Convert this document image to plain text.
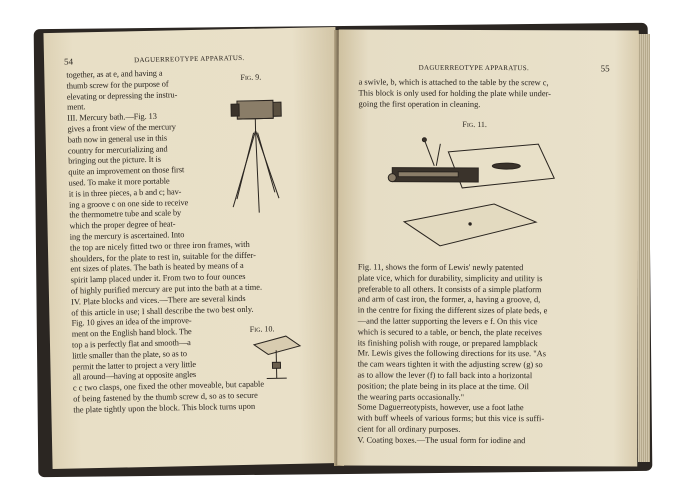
54	DAGUERREOTYPE APPARATUS.
together, as at e, and having a
thumb screw for the purpose of
elevating or depressing the instru-
ment.
III. Mercury bath.—Fig. 13
gives a front view of the mercury
bath now in general use in this
country for mercurializing and
bringing out the picture. It is
quite an improvement on those first
used. To make it more portable
it is in three pieces, a b and c; hav-
ing a groove c on one side to receive
the thermometre tube and scale by
which the proper degree of heat-
ing the mercury is ascertained. Into
the top are nicely fitted two or three iron frames, with
shoulders, for the plate to rest in, suitable for the differ-
ent sizes of plates. The bath is heated by means of a
spirit lamp placed under it. From two to four ounces
of highly purified mercury are put into the bath at a time.
IV. Plate blocks and vices.—There are several kinds
of this article in use; I shall describe the two best only.
Fig. 10 gives an idea of the improve-
ment on the English hand block. The
top a is perfectly flat and smooth—a
little smaller than the plate, so as to
permit the latter to project a very little
all around—having at opposite angles
c c two clasps, one fixed the other moveable, but capable
of being fastened by the thumb screw d, so as to secure
the plate tightly upon the block. This block turns upon
Fig. 9.
Fig. 10.
DAGUERREOTYPE APPARATUS.	55
a swivle, b, which is attached to the table by the screw c,
This block is only used for holding the plate while under-
going the first operation in cleaning.
Fig. 11.
Fig. 11, shows the form of Lewis' newly patented
plate vice, which for durability, simplicity and utility is
preferable to all others. It consists of a simple platform
and arm of cast iron, the former, a, having a groove, d,
in the centre for fixing the different sizes of plate beds, e
—and the latter supporting the levers e f. On this vice
which is secured to a table, or bench, the plate receives
its finishing polish with rouge, or prepared lampblack
Mr. Lewis gives the following directions for its use. "As
the cam wears tighten it with the adjusting screw (g) so
as to allow the lever (f) to fall back into a horizontal
position; the plate being in its place at the time. Oil
the wearing parts occasionally."
Some Daguerreotypists, however, use a foot lathe
with buff wheels of various forms; but this vice is suffi-
cient for all ordinary purposes.
V. Coating boxes.—The usual form for iodine and
